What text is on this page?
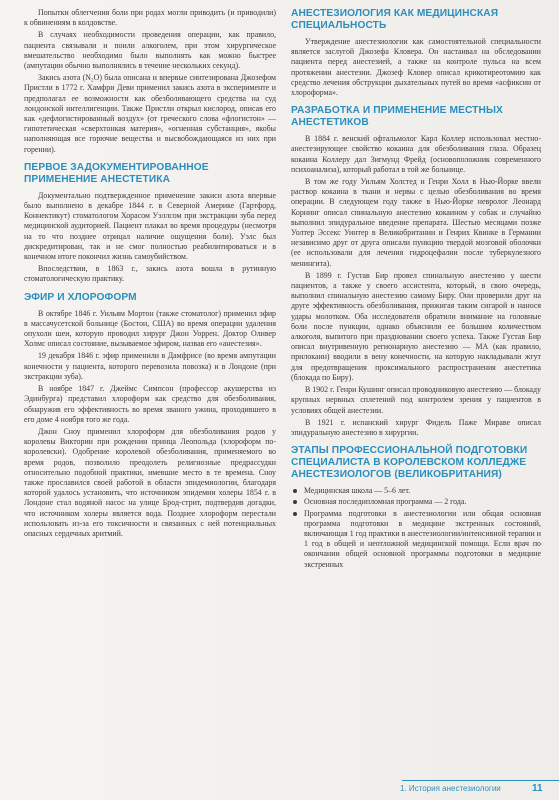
Попытки облегчения боли при родах могли приводить (и приводили) к обвинениям в колдовстве.

В случаях необходимости проведения операции, как правило, пациента связывали и поили алкоголем, при этом хирургическое вмешательство необходимо было выполнять как можно быстрее (ампутации обычно выполнялись в течение нескольких секунд).

Закись азота (N₂O) была описана и впервые синтезирована Джозефом Пристли в 1772 г. Хамфри Деви применил закись азота в эксперименте и предполагал ее возможности как обезболивающего средства на суд лондонской интеллигенции. Также Пристли открыл кислород, описав его как «дефлогистированный воздух» (от греческого слова «флогистон» — гипотетическая «сверхтонкая материя», «огненная субстанция», якобы наполняющая все горючие вещества и высвобождающаяся из них при горении).

ПЕРВОЕ ЗАДОКУМЕНТИРОВАННОЕ ПРИМЕНЕНИЕ АНЕСТЕТИКА

Документально подтвержденное применение закиси азота впервые было выполнено в декабре 1844 г. в Северной Америке (Гартфорд, Коннектикут) стоматологом Хорасом Уэллсом при экстракции зуба перед медицинской аудиторией. Пациент плакал во время процедуры (несмотря на то что позднее отрицал наличие ощущения боли). Уэлс был дискредитирован, так и не смог полностью реабилитироваться и в конечном итоге покончил жизнь самоубийством.

Впоследствии, в 1863 г., закись азота вошла в рутинную стоматологическую практику.

ЭФИР И ХЛОРОФОРМ

В октябре 1846 г. Уильям Мортон (также стоматолог) применил эфир в массачусетской больнице (Бостон, США) во время операции удаления опухоли шеи, которую проводил хирург Джон Уоррен. Доктор Оливер Холмс описал состояние, вызываемое эфиром, назвав его «анестезия».

19 декабря 1846 г. эфир применили в Дамфрисе (во время ампутации конечности у пациента, которого перевозила повозка) и в Лондоне (при экстракции зуба).

В ноябре 1847 г. Джеймс Симпсон (профессор акушерства из Эдинбурга) представил хлороформ как средство для обезболивания, обнаружив его эффективность во время званого ужина, проходившего в его доме 4 ноября того же года.

Джон Сноу применил хлороформ для обезболивания родов у королевы Виктории при рождении принца Леопольда (хлороформ по-королевски). Одобрение королевой обезболивания, применяемого во время родов, позволило преодолеть религиозные предрассудки относительно подобной практики, имевшие место в те времена. Сноу также прославился своей работой в области эпидемиологии, благодаря которой удалось установить, что источником эпидемии холеры 1854 г. в Лондоне стал водяной насос на улице Брод-стрит, подтвердив догадки, что источником холеры является вода. Позднее хлороформ перестали использовать из-за его токсичности и связанных с ней потенциальных опасных сердечных аритмий.

АНЕСТЕЗИОЛОГИЯ КАК МЕДИЦИНСКАЯ СПЕЦИАЛЬНОСТЬ

Утверждение анестезиологии как самостоятельной специальности является заслугой Джозефа Кловера. Он настаивал на обследовании пациента перед анестезией, а также на контроле пульса на всем протяжении анестезии. Джозеф Кловер описал крикотиреотомию как средство лечения обструкции дыхательных путей во время «асфиксии от хлороформа».

РАЗРАБОТКА И ПРИМЕНЕНИЕ МЕСТНЫХ АНЕСТЕТИКОВ

В 1884 г. венский офтальмолог Карл Коллер использовал местно-анестезирующее свойство кокаина для обезболивания глаза. Образец кокаина Коллеру дал Зигмунд Фрейд (основоположник современного психоанализа), который работал в той же больнице.

В том же году Уильям Холстед и Генри Холл в Нью-Йорке ввели раствор кокаина в ткани и нервы с целью обезболивания во время операции. В следующем году также в Нью-Йорке невролог Леонард Корнинг описал спинальную анестезию кокаином у собак и случайно выполнил эпидуральное введение препарата. Шестью месяцами позже Уолтер Эссекс Уинтер в Великобритании и Генрих Квинке в Германии независимо друг от друга описали пункцию твердой мозговой оболочки (ее использовали для лечения гидроцефалии после туберкулезного менингита).

В 1899 г. Густав Бир провел спинальную анестезию у шести пациентов, а также у своего ассистента, который, в свою очередь, выполнил спинальную анестезию самому Биру. Они проверили друг на друге эффективность обезболивания, прижигая таким сигарой и нанося удары молотком. Оба исследователя обратили внимание на головные боли после пункции, однако объяснили ее большим количеством алкоголя, выпитого при праздновании своего успеха. Также Густав Бир описал внутривенную регионарную анестезию — МА (как правило, прилокаин) вводили в вену конечности, на которую накладывали жгут для предотвращения проксимального распространения анестетика (блокада по Биру).

В 1902 г. Генри Кушинг описал проводниковую анестезию — блокаду крупных нервных сплетений под контролем зрения у пациентов в условиях общей анестезии.

В 1921 г. испанский хирург Фидель Паже Мираве описал эпидуральную анестезию в хирургии.

ЭТАПЫ ПРОФЕССИОНАЛЬНОЙ ПОДГОТОВКИ СПЕЦИАЛИСТА В КОРОЛЕВСКОМ КОЛЛЕДЖЕ АНЕСТЕЗИОЛОГОВ (ВЕЛИКОБРИТАНИЯ)
Медицинская школа — 5–6 лет.
Основная последипломная программа — 2 года.
Программа подготовки в анестезиологии или общая основная программа подготовки в медицине экстренных состояний, включающая 1 год практики в анестезиологии/интенсивной терапии и 1 год в общей и неотложной медицинской помощи. Если врач по окончании общей основной программы подготовки в медицине экстренных
1. История анестезиологии	11
